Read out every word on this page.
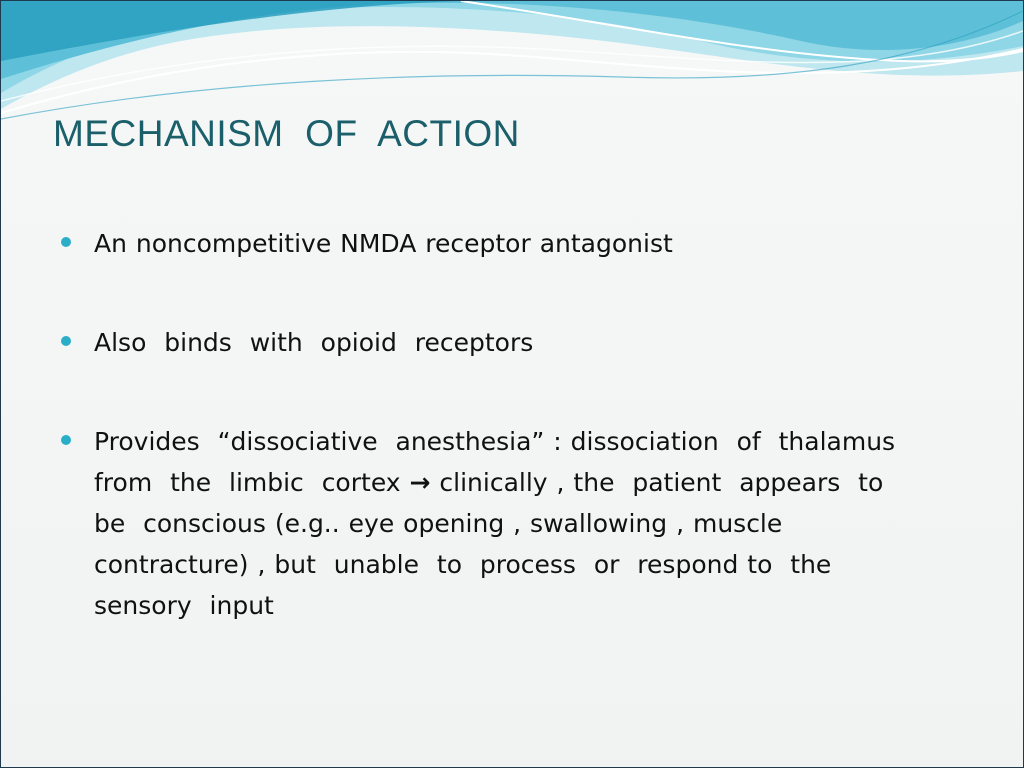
MECHANISM  OF  ACTION
An noncompetitive NMDA receptor antagonist
Also  binds  with  opioid  receptors
Provides  “dissociative  anesthesia” : dissociation  of  thalamus
from  the  limbic  cortex → clinically , the  patient  appears  to
be  conscious (e.g.. eye opening , swallowing , muscle
contracture) , but  unable  to  process  or  respond to  the
sensory  input
